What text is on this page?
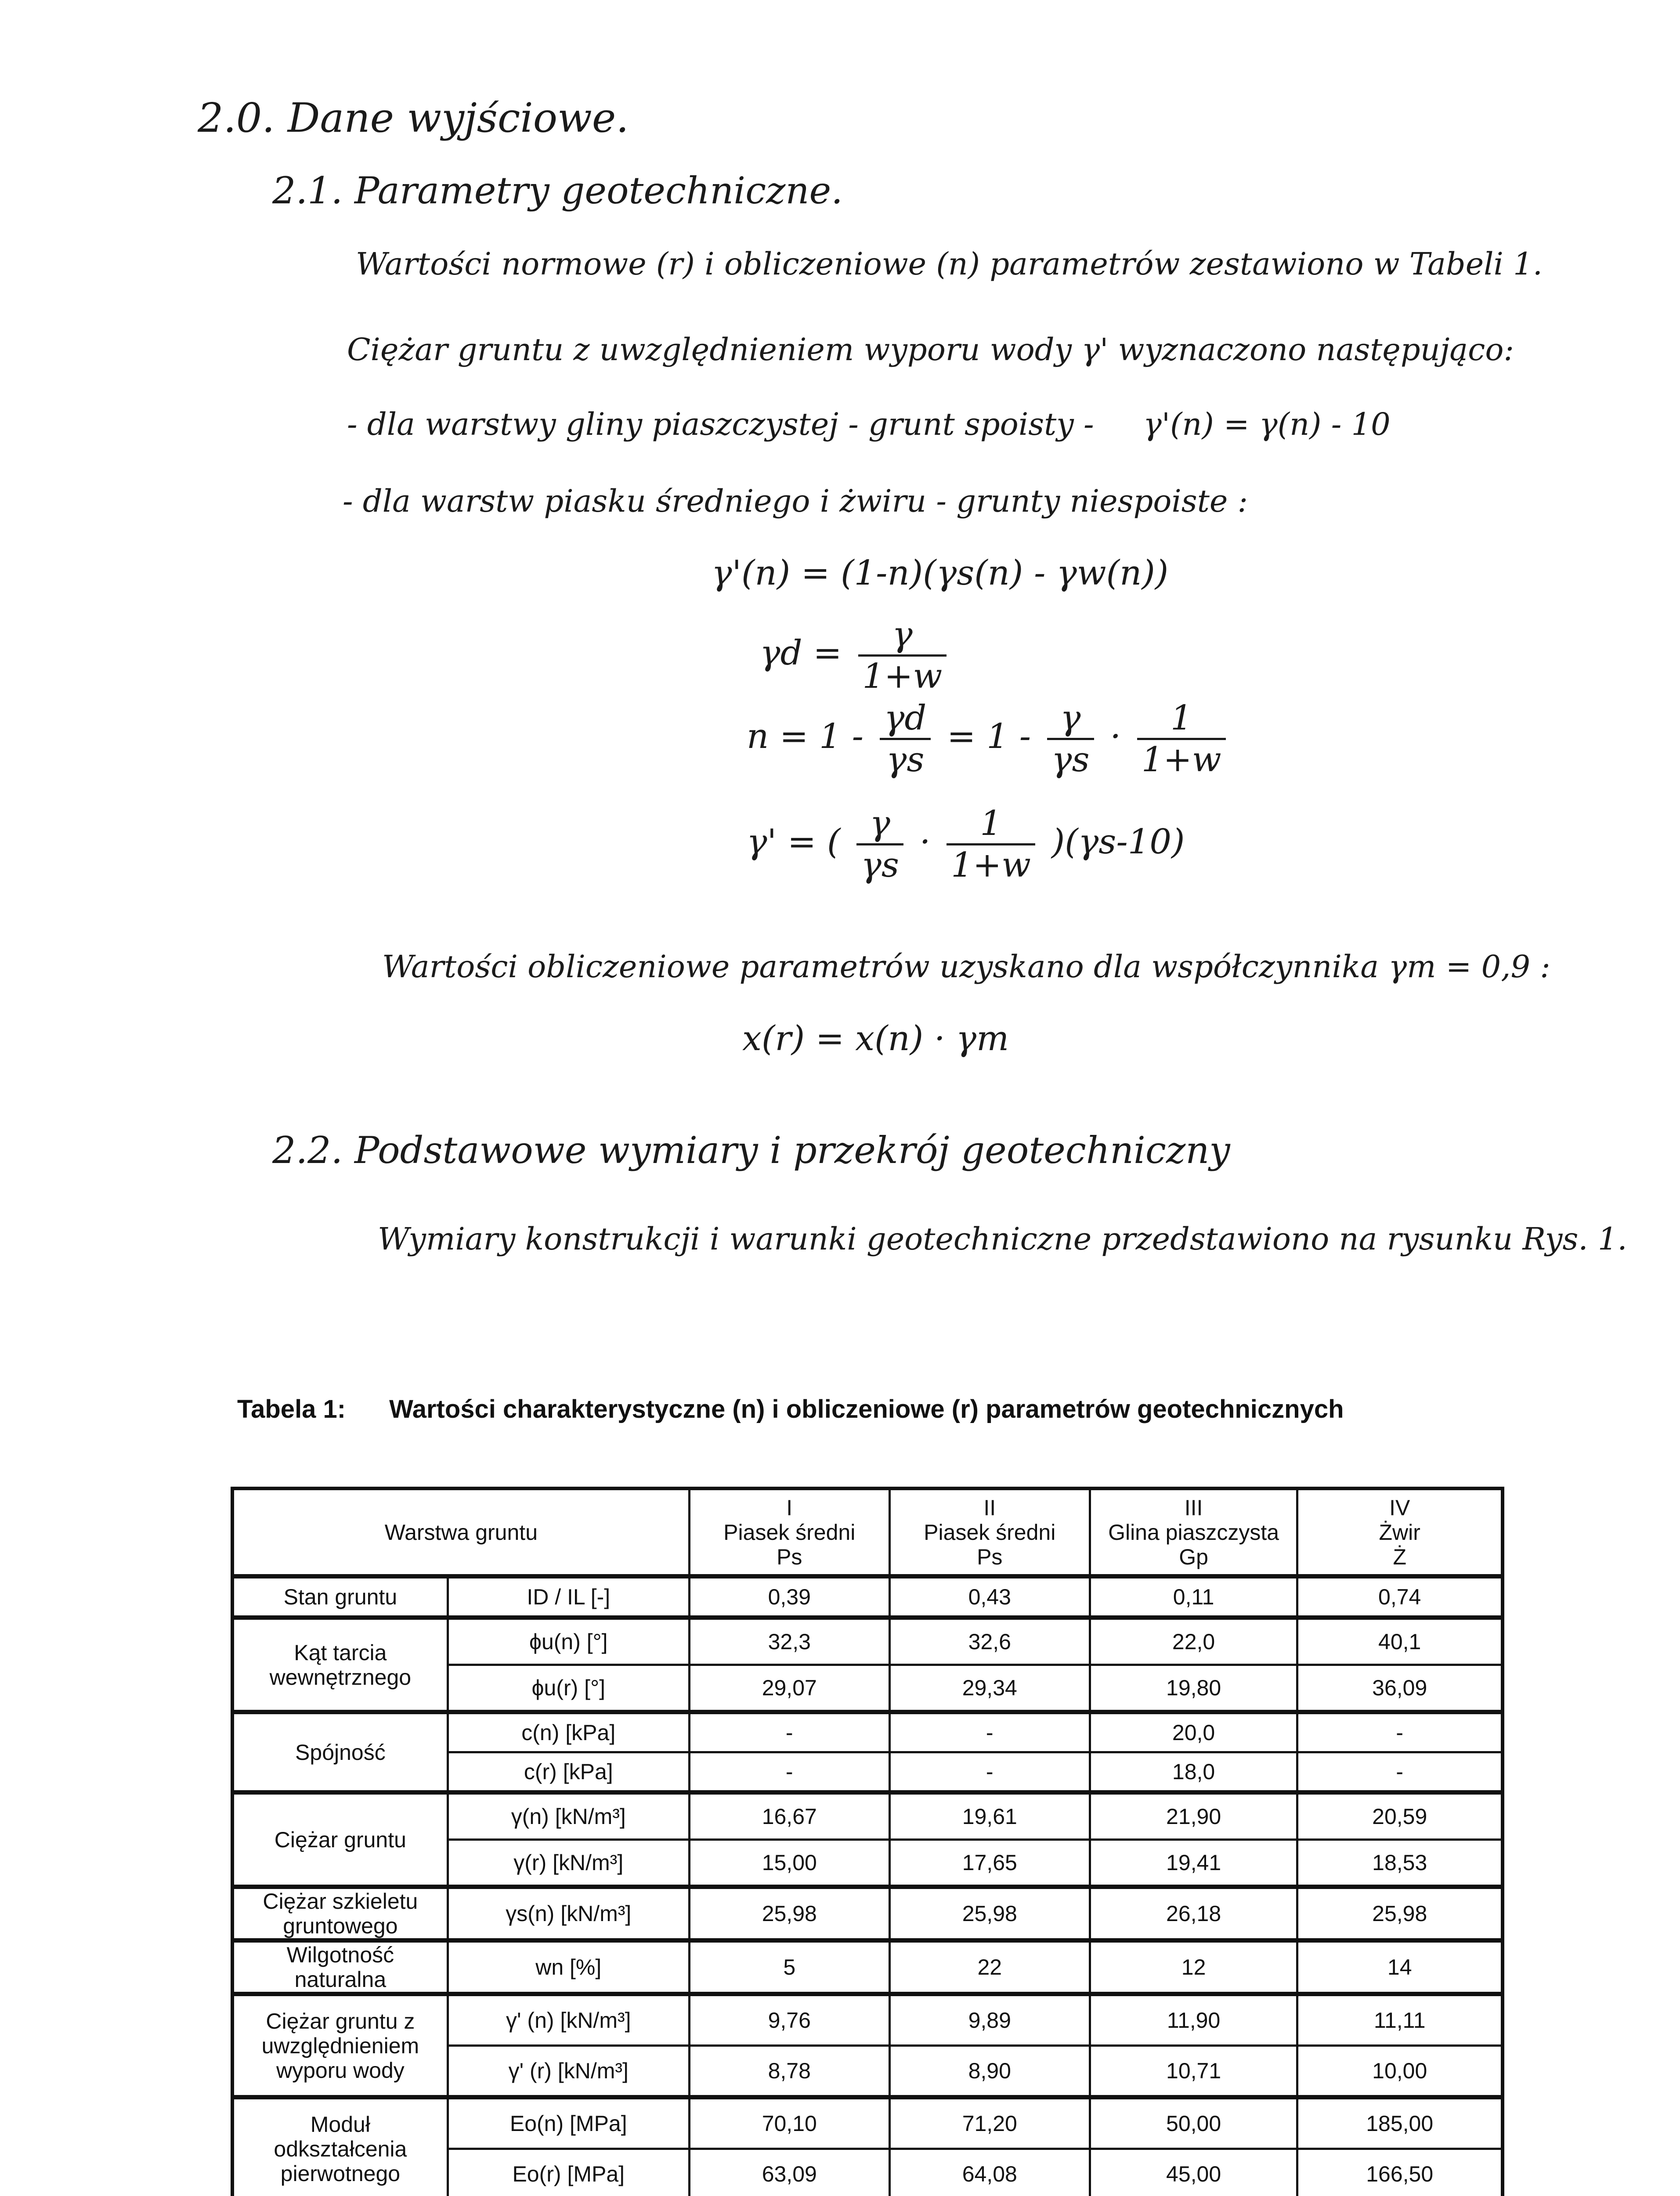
2.0. Dane wyjściowe.
2.1. Parametry geotechniczne.
Wartości normowe (r) i obliczeniowe (n) parametrów zestawiono w Tabeli 1.
Ciężar gruntu z uwzględnieniem wyporu wody γ' wyznaczono następująco:
- dla warstwy gliny piaszczystej - grunt spoisty - γ'(n) = γ(n) - 10
- dla warstw piasku średniego i żwiru - grunty niespoiste :
γ'(n) = (1-n)(γs(n) - γw(n))
$\gamma d = \frac{\gamma}{1+w}$
$n = 1 - \frac{\gamma d}{\gamma s} = 1 - \frac{\gamma}{\gamma s} \cdot \frac{1}{1+w}$
γ' = ( $\frac{\gamma}{\gamma s} \cdot \frac{1}{1+w} )(\gamma s-10)$
Wartości obliczeniowe parametrów uzyskano dla współczynnika γm = 0,9 :
x(r) = x(n) · γm
2.2. Podstawowe wymiary i przekrój geotechniczny
Wymiary konstrukcji i warunki geotechniczne przedstawiono na rysunku Rys. 1.
Tabela 1: Wartości charakterystyczne (n) i obliczeniowe (r) parametrów geotechnicznych
Warstwa gruntu		I
Piasek średni
Ps	II
Piasek średni
Ps	III
Glina piaszczysta
Gp	IV
Żwir
Ż

Stan gruntu	ID / IL [-]	0,39	0,43	0,11	0,74

Kąt tarcia
wewnętrznego	ϕu(n) [°]	32,3	32,6	22,0	40,1
	ϕu(r) [°]	29,07	29,34	19,80	36,09

Spójność	c(n) [kPa]	-	-	20,0	-
	c(r) [kPa]	-	-	18,0	-

Ciężar gruntu	γ(n) [kN/m³]	16,67	19,61	21,90	20,59
	γ(r) [kN/m³]	15,00	17,65	19,41	18,53

Ciężar szkieletu
gruntowego	γs(n) [kN/m³]	25,98	25,98	26,18	25,98

Wilgotność
naturalna	wn [%]	5	22	12	14

Ciężar gruntu z
uwzględnieniem
wyporu wody	γ' (n) [kN/m³]	9,76	9,89	11,90	11,11
	γ' (r) [kN/m³]	8,78	8,90	10,71	10,00

Moduł
odkształcenia
pierwotnego	Eo(n) [MPa]	70,10	71,20	50,00	185,00
	Eo(r) [MPa]	63,09	64,08	45,00	166,50
